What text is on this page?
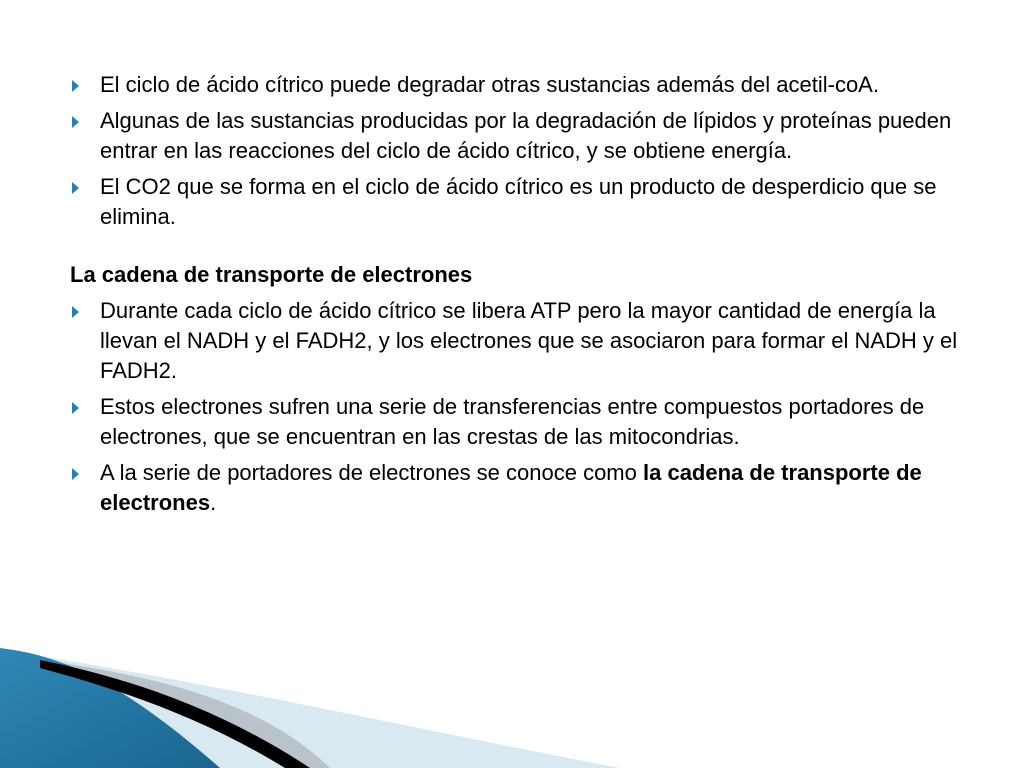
El ciclo de ácido cítrico puede degradar otras sustancias además del acetil-coA.
Algunas de las sustancias producidas por la degradación de lípidos y proteínas pueden entrar en las reacciones del ciclo de ácido cítrico, y se obtiene energía.
El CO2 que se forma en el ciclo de ácido cítrico es un producto de desperdicio que se elimina.
La cadena de transporte de electrones
Durante cada ciclo de ácido cítrico se libera ATP pero la mayor cantidad de energía la llevan el NADH y el FADH2, y los electrones que se asociaron para formar el NADH y el FADH2.
Estos electrones sufren una serie de transferencias entre compuestos portadores de electrones, que se encuentran en las crestas de las mitocondrias.
A la serie de portadores de electrones se conoce como la cadena de transporte de electrones.
